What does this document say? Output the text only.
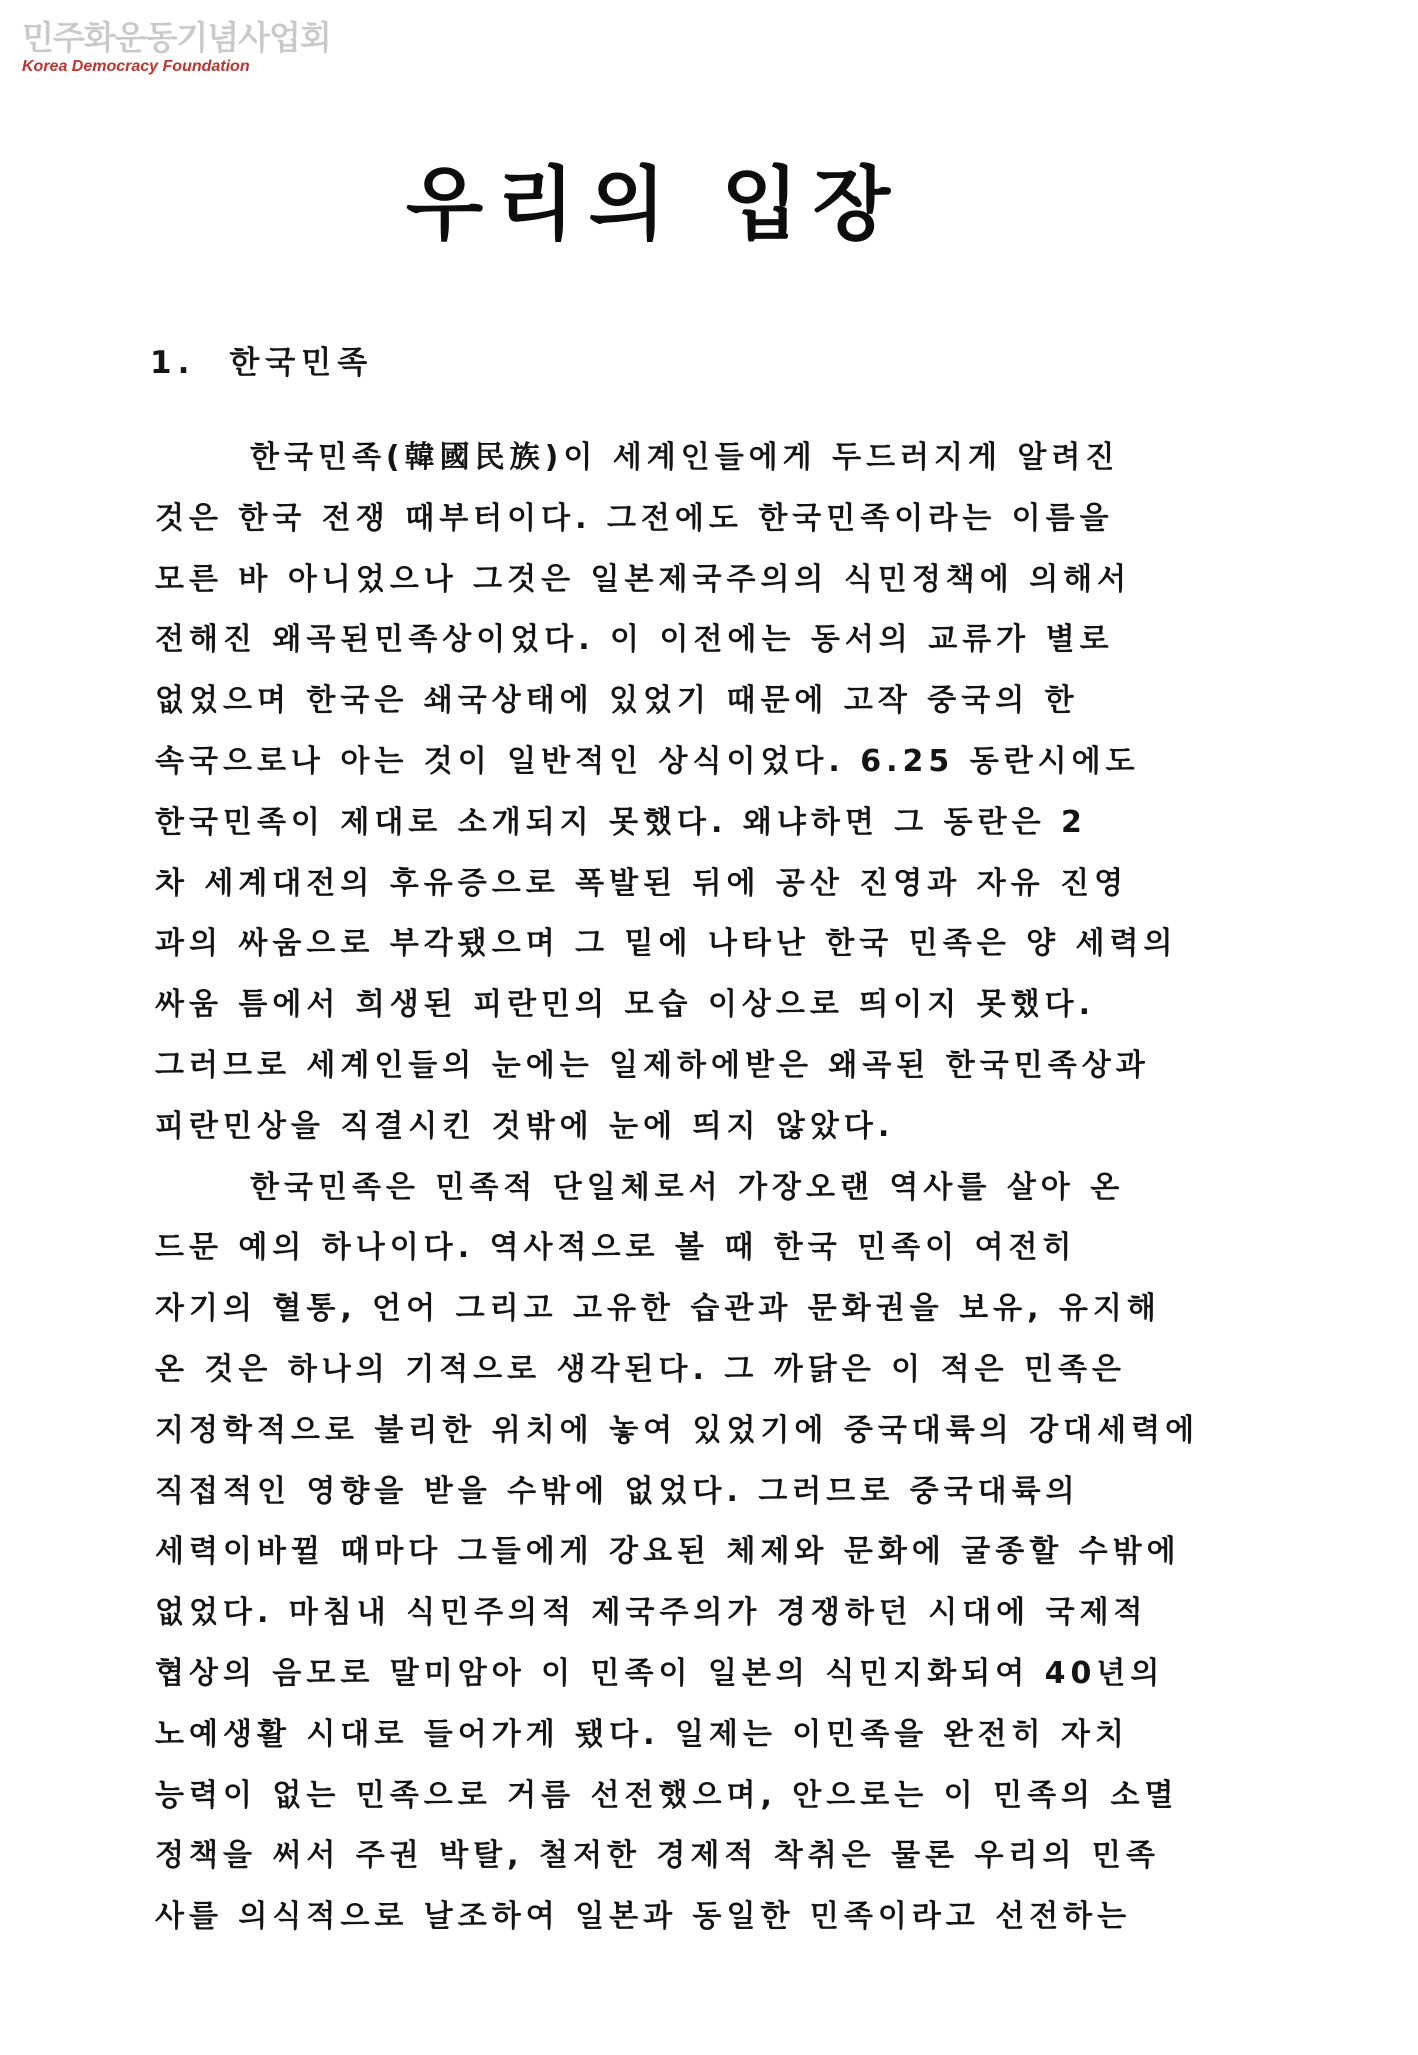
민주화운동기념사업회
Korea Democracy Foundation
우리의 입장
1. 한국민족
한국민족(韓國民族)이 세계인들에게 두드러지게 알려진
것은 한국 전쟁 때부터이다. 그전에도 한국민족이라는 이름을
모른 바 아니었으나 그것은 일본제국주의의 식민정책에 의해서
전해진 왜곡된민족상이었다. 이 이전에는 동서의 교류가 별로
없었으며 한국은 쇄국상태에 있었기 때문에 고작 중국의 한
속국으로나 아는 것이 일반적인 상식이었다. 6.25 동란시에도
한국민족이 제대로 소개되지 못했다. 왜냐하면 그 동란은 2
차 세계대전의 후유증으로 폭발된 뒤에 공산 진영과 자유 진영
과의 싸움으로 부각됐으며 그 밑에 나타난 한국 민족은 양 세력의
싸움 틈에서 희생된 피란민의 모습 이상으로 띄이지 못했다.
그러므로 세계인들의 눈에는 일제하에받은 왜곡된 한국민족상과
피란민상을 직결시킨 것밖에 눈에 띄지 않았다.
한국민족은 민족적 단일체로서 가장오랜 역사를 살아 온
드문 예의 하나이다. 역사적으로 볼 때 한국 민족이 여전히
자기의 혈통, 언어 그리고 고유한 습관과 문화권을 보유, 유지해
온 것은 하나의 기적으로 생각된다. 그 까닭은 이 적은 민족은
지정학적으로 불리한 위치에 놓여 있었기에 중국대륙의 강대세력에
직접적인 영향을 받을 수밖에 없었다. 그러므로 중국대륙의
세력이바뀔 때마다 그들에게 강요된 체제와 문화에 굴종할 수밖에
없었다. 마침내 식민주의적 제국주의가 경쟁하던 시대에 국제적
협상의 음모로 말미암아 이 민족이 일본의 식민지화되여 40년의
노예생활 시대로 들어가게 됐다. 일제는 이민족을 완전히 자치
능력이 없는 민족으로 거름 선전했으며, 안으로는 이 민족의 소멸
정책을 써서 주권 박탈, 철저한 경제적 착취은 물론 우리의 민족
사를 의식적으로 날조하여 일본과 동일한 민족이라고 선전하는
